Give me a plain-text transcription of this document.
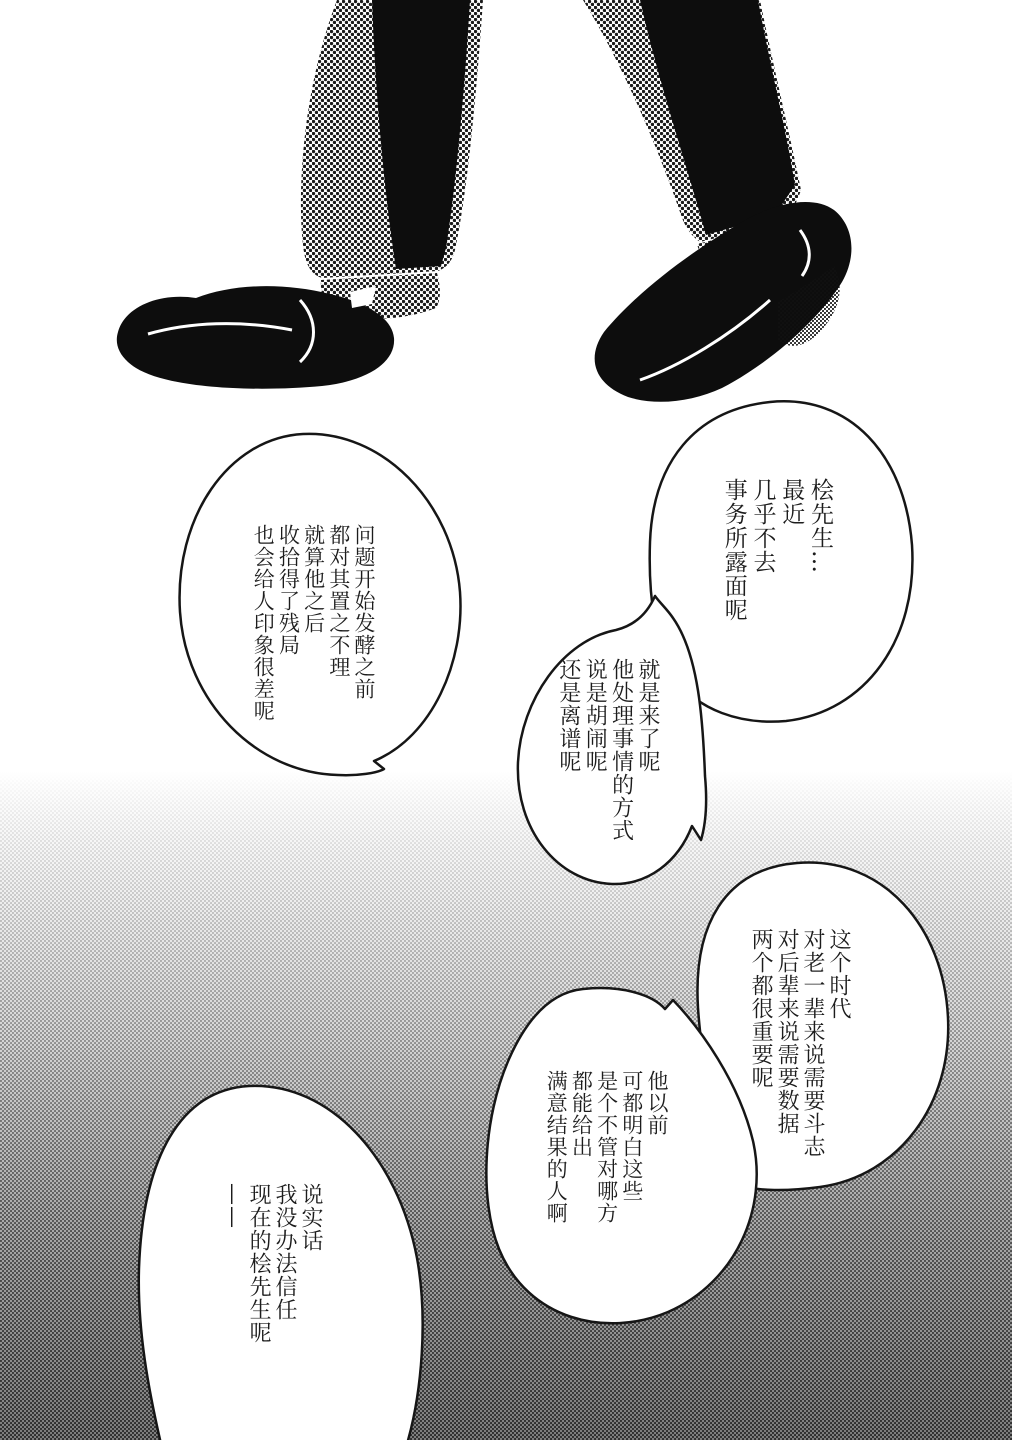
桧先生…
最近
几乎不去
事务所露面呢
就是来了呢
他处理事情的方式
说是胡闹呢
还是离谱呢
问题开始发酵之前
都对其置之不理
就算他之后
收拾得了残局
也会给人印象很差呢
这个时代
对老一辈来说需要斗志
对后辈来说需要数据
两个都很重要呢
他以前
可都明白这些
是个不管对哪方
都能给出
满意结果的人啊
说实话
我没办法信任
现在的桧先生呢
——
